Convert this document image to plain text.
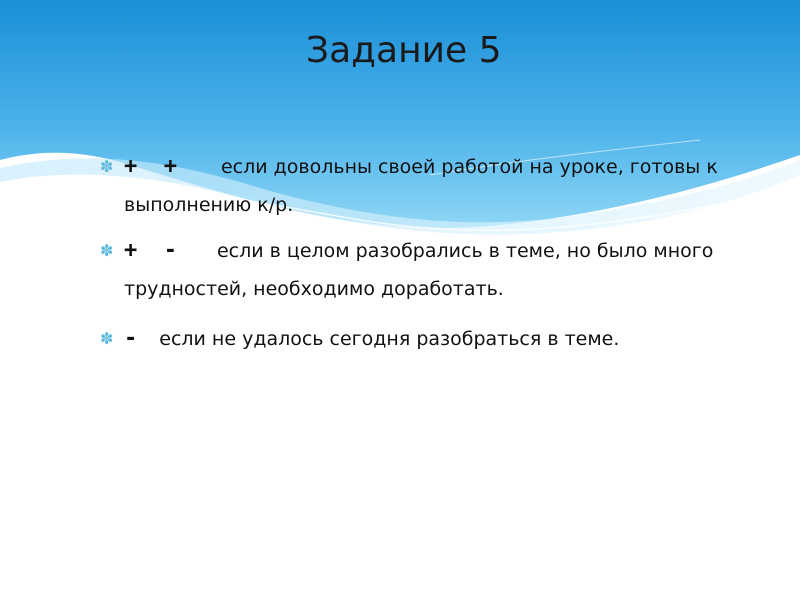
Задание 5
✽ +  + если довольны своей работой на уроке, готовы к выполнению к/р.
✽ +  - если в целом разобрались в теме, но было много трудностей, необходимо доработать.
✽ - если не удалось сегодня разобраться в теме.
